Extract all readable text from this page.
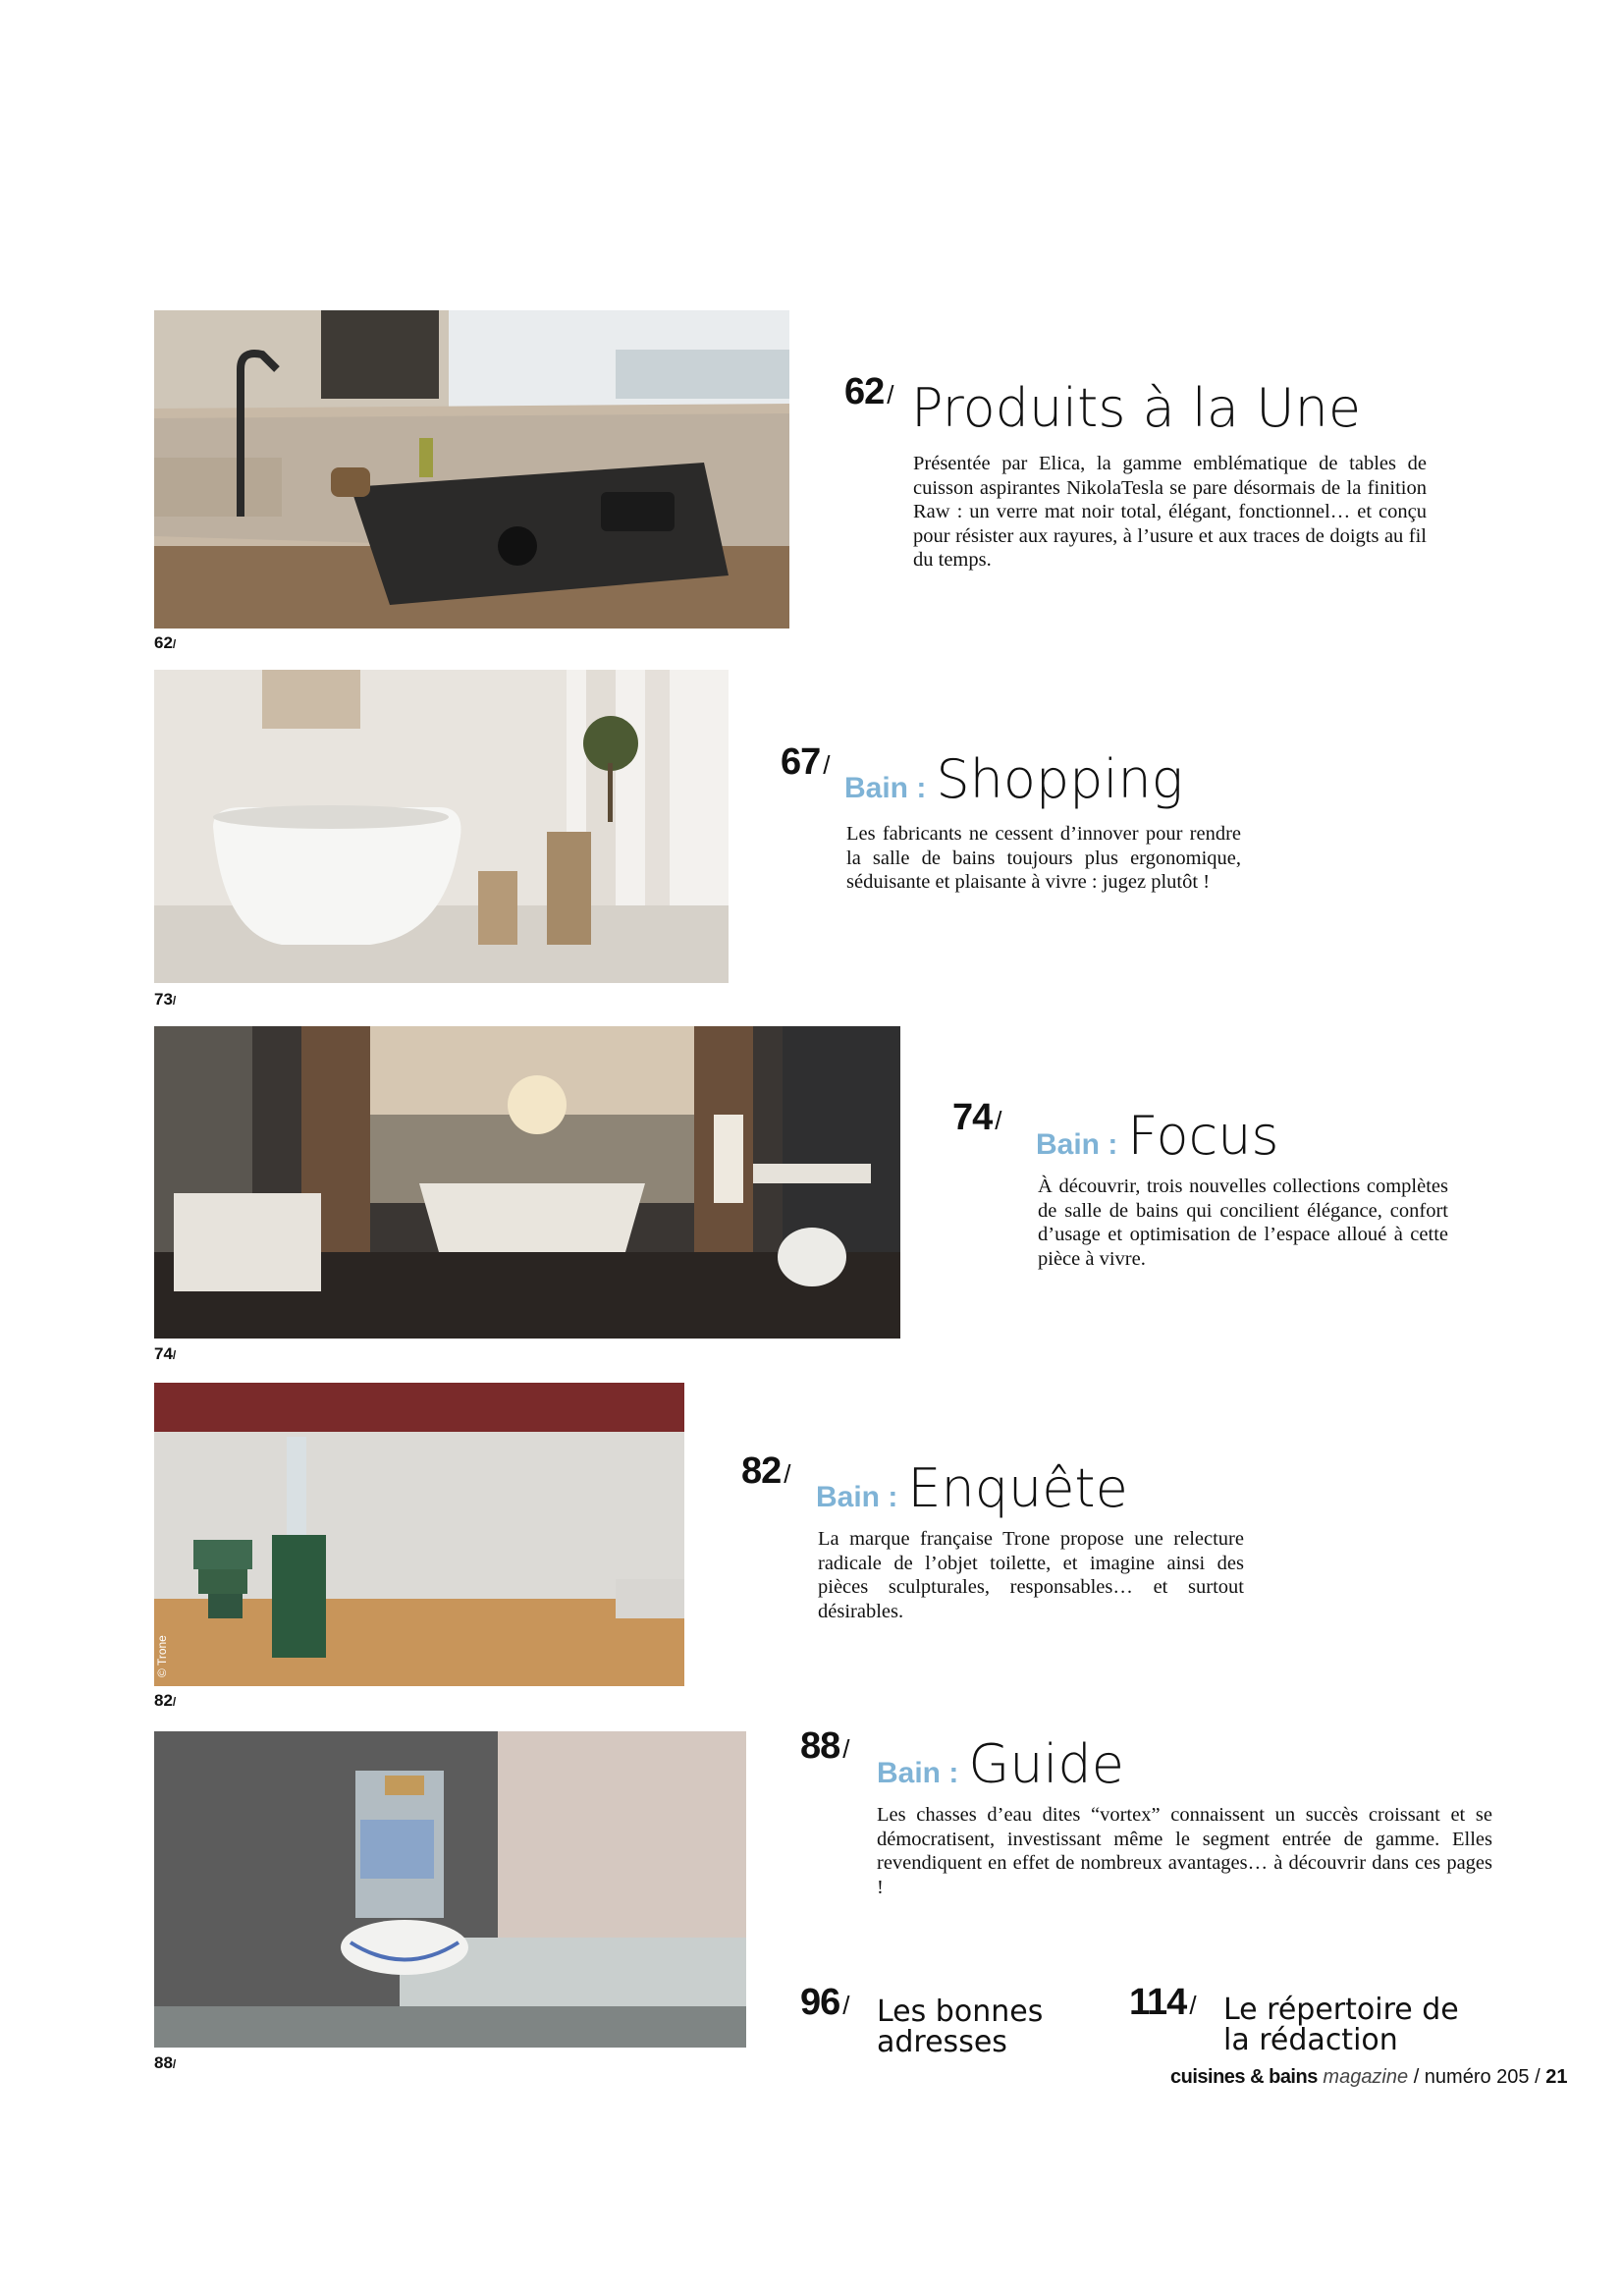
62/
62 / Produits à la Une
Présentée par Elica, la gamme emblématique de tables de cuisson aspirantes NikolaTesla se pare désormais de la finition Raw : un verre mat noir total, élégant, fonctionnel… et conçu pour résister aux rayures, à l’usure et aux traces de doigts au fil du temps.
73/
67 /
Bain : Shopping
Les fabricants ne cessent d’innover pour rendre la salle de bains toujours plus ergonomique, séduisante et plaisante à vivre : jugez plutôt !
74/
74 /
Bain : Focus
À découvrir, trois nouvelles collections complètes de salle de bains qui concilient élégance, confort d’usage et optimisation de l’espace alloué à cette pièce à vivre.
© Trone
82/
82 /
Bain : Enquête
La marque française Trone propose une relecture radicale de l’objet toilette, et imagine ainsi des pièces sculpturales, responsables… et surtout désirables.
88/
88 /
Bain : Guide
Les chasses d’eau dites “vortex” connaissent un succès croissant et se démocratisent, investissant même le segment entrée de gamme. Elles revendiquent en effet de nombreux avantages… à découvrir dans ces pages !
96 / Les bonnes adresses
114 / Le répertoire de la rédaction
cuisines & bains magazine / numéro 205 / 21
